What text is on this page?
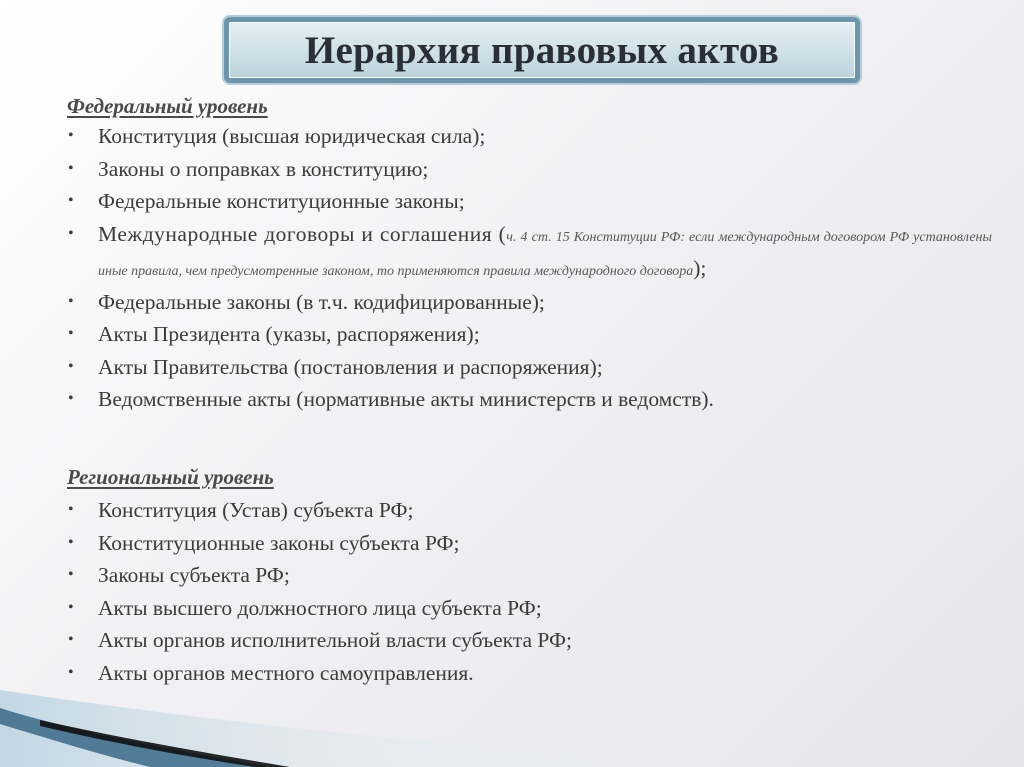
Иерархия правовых актов
Федеральный уровень
• Конституция (высшая юридическая сила);
• Законы о поправках в конституцию;
• Федеральные конституционные законы;
• Международные договоры и соглашения (ч. 4 ст. 15 Конституции РФ: если международным договором РФ установлены иные правила, чем предусмотренные законом, то применяются правила международного договора);
• Федеральные законы (в т.ч. кодифицированные);
• Акты Президента (указы, распоряжения);
• Акты Правительства (постановления и распоряжения);
• Ведомственные акты (нормативные акты министерств и ведомств).
Региональный уровень
• Конституция (Устав) субъекта РФ;
• Конституционные законы субъекта РФ;
• Законы субъекта РФ;
• Акты высшего должностного лица субъекта РФ;
• Акты органов исполнительной власти субъекта РФ;
• Акты органов местного самоуправления.
